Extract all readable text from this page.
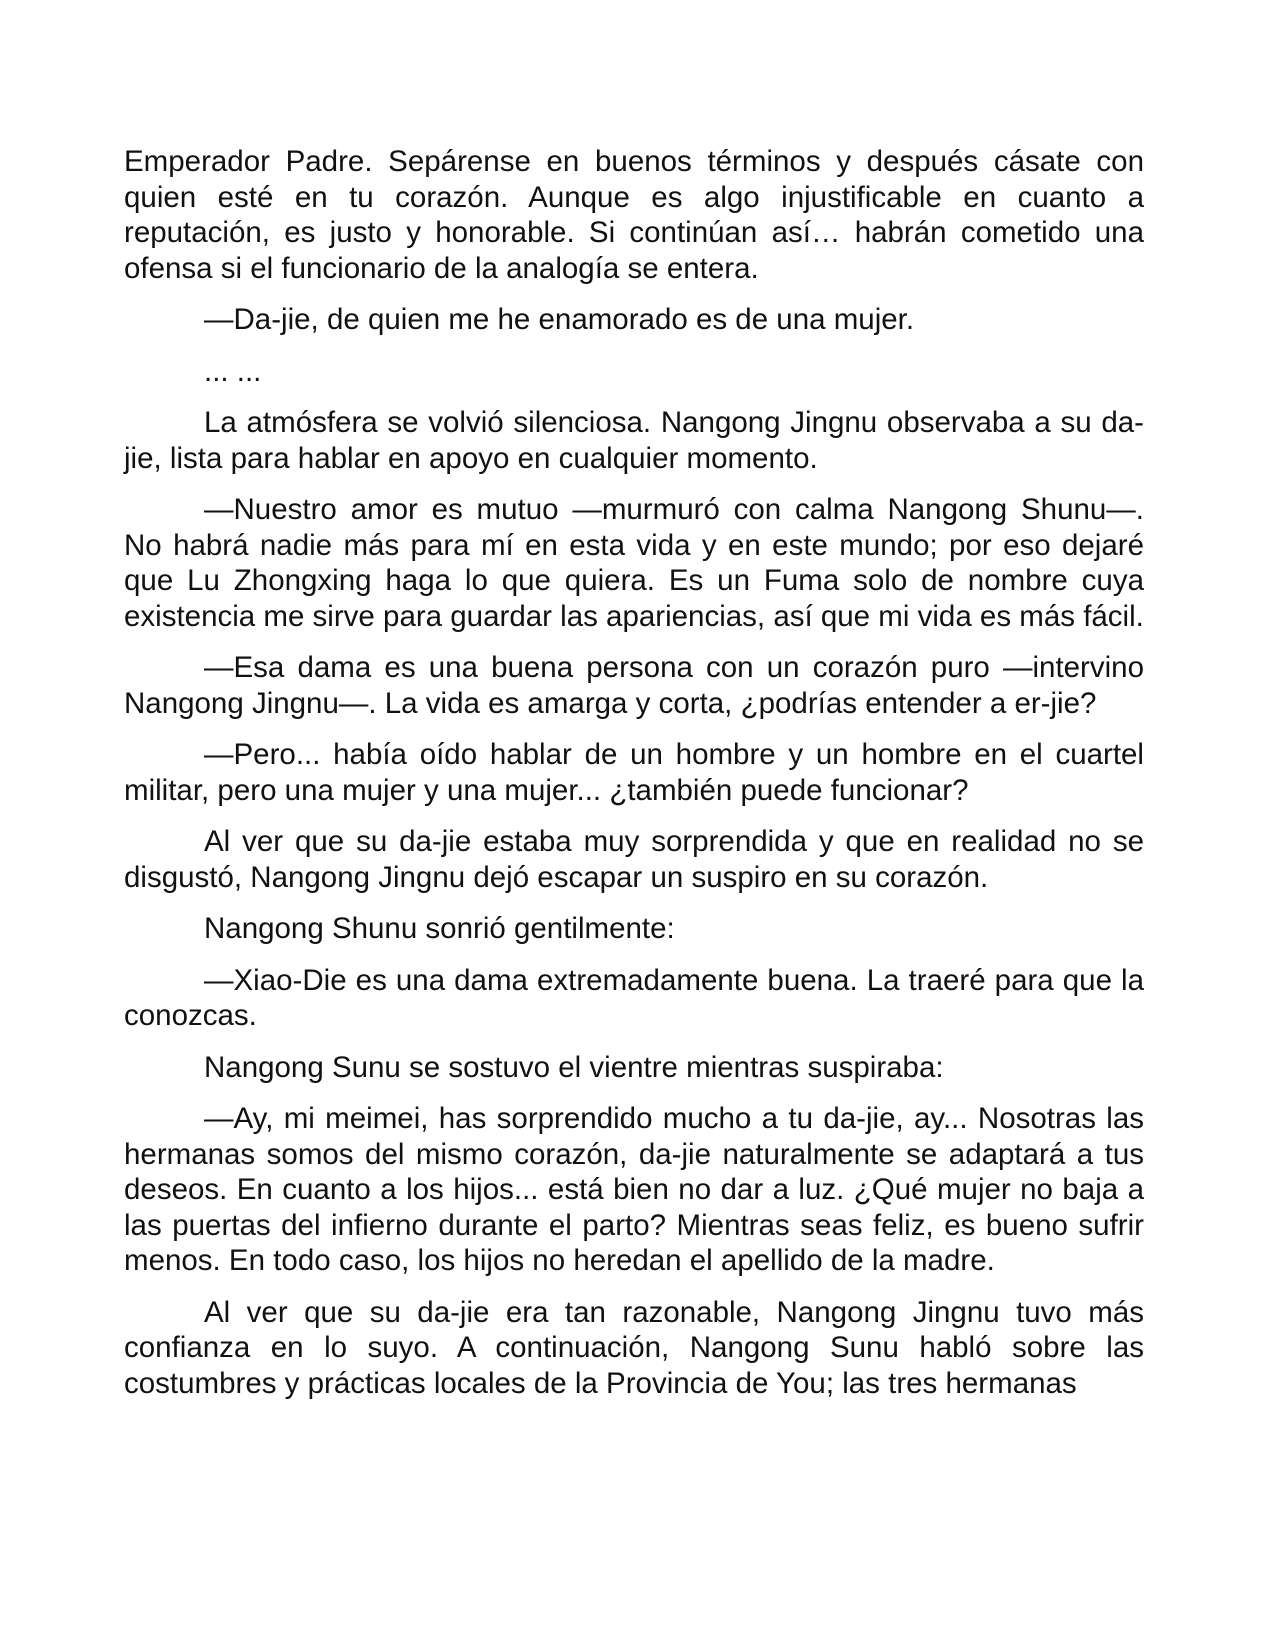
Emperador Padre. Sepárense en buenos términos y después cásate con quien esté en tu corazón. Aunque es algo injustificable en cuanto a reputación, es justo y honorable. Si continúan así… habrán cometido una ofensa si el funcionario de la analogía se entera.

—Da-jie, de quien me he enamorado es de una mujer.

... ...

La atmósfera se volvió silenciosa. Nangong Jingnu observaba a su da-jie, lista para hablar en apoyo en cualquier momento.

—Nuestro amor es mutuo —murmuró con calma Nangong Shunu—. No habrá nadie más para mí en esta vida y en este mundo; por eso dejaré que Lu Zhongxing haga lo que quiera. Es un Fuma solo de nombre cuya existencia me sirve para guardar las apariencias, así que mi vida es más fácil.

—Esa dama es una buena persona con un corazón puro —intervino Nangong Jingnu—. La vida es amarga y corta, ¿podrías entender a er-jie?

—Pero... había oído hablar de un hombre y un hombre en el cuartel militar, pero una mujer y una mujer... ¿también puede funcionar?

Al ver que su da-jie estaba muy sorprendida y que en realidad no se disgustó, Nangong Jingnu dejó escapar un suspiro en su corazón.

Nangong Shunu sonrió gentilmente:

—Xiao-Die es una dama extremadamente buena. La traeré para que la conozcas.

Nangong Sunu se sostuvo el vientre mientras suspiraba:

—Ay, mi meimei, has sorprendido mucho a tu da-jie, ay... Nosotras las hermanas somos del mismo corazón, da-jie naturalmente se adaptará a tus deseos. En cuanto a los hijos... está bien no dar a luz. ¿Qué mujer no baja a las puertas del infierno durante el parto? Mientras seas feliz, es bueno sufrir menos. En todo caso, los hijos no heredan el apellido de la madre.

Al ver que su da-jie era tan razonable, Nangong Jingnu tuvo más confianza en lo suyo. A continuación, Nangong Sunu habló sobre las costumbres y prácticas locales de la Provincia de You; las tres hermanas
